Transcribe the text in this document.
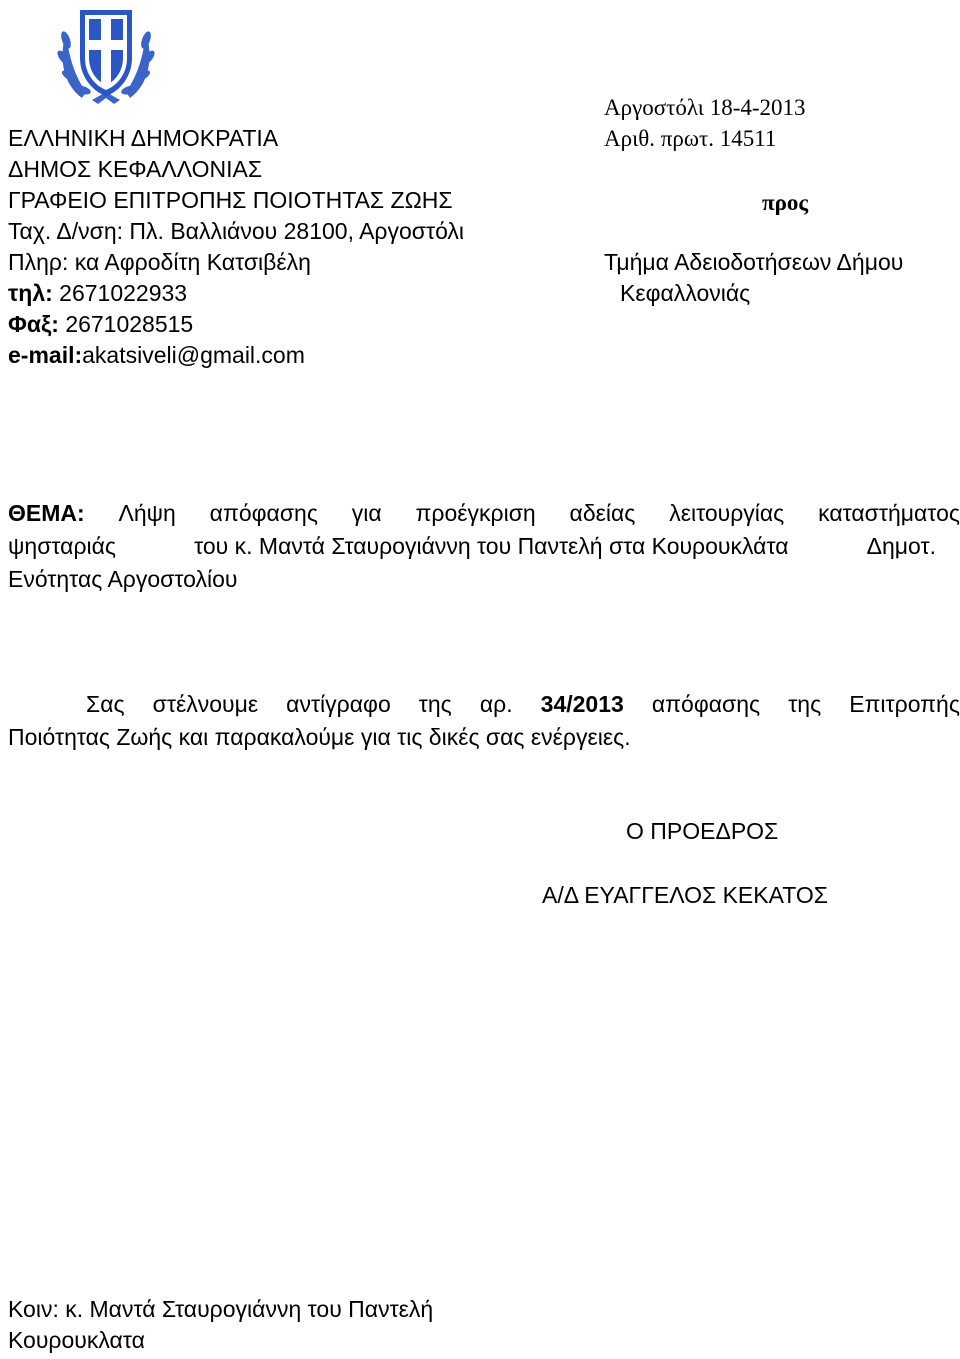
Αργοστόλι 18-4-2013
Αριθ. πρωτ. 14511
ΕΛΛΗΝΙΚΗ ΔΗΜΟΚΡΑΤΙΑ
ΔΗΜΟΣ ΚΕΦΑΛΛΟΝΙΑΣ
ΓΡΑΦΕΙΟ ΕΠΙΤΡΟΠΗΣ ΠΟΙΟΤΗΤΑΣ ΖΩΗΣ
Ταχ. Δ/νση: Πλ. Βαλλιάνου 28100, Αργοστόλι
Πληρ: κα Αφροδίτη Κατσιβέλη
τηλ: 2671022933
Φαξ: 2671028515
e-mail:akatsiveli@gmail.com
προς
Τμήμα Αδειοδοτήσεων Δήμου
Κεφαλλονιάς
ΘΕΜΑ: Λήψη απόφασης για προέγκριση αδείας λειτουργίας καταστήματος
ψησταριάς	του κ. Μαντά Σταυρογιάννη του Παντελή στα Κουρουκλάτα	Δημοτ.
Ενότητας Αργοστολίου
Σας στέλνουμε αντίγραφο της αρ. 34/2013 απόφασης της Επιτροπής
Ποιότητας Ζωής και παρακαλούμε για τις δικές σας ενέργειες.
Ο ΠΡΟΕΔΡΟΣ
Α/Δ ΕΥΑΓΓΕΛΟΣ ΚΕΚΑΤΟΣ
Κοιν: κ. Μαντά Σταυρογιάννη του Παντελή
Κουρουκλατα
